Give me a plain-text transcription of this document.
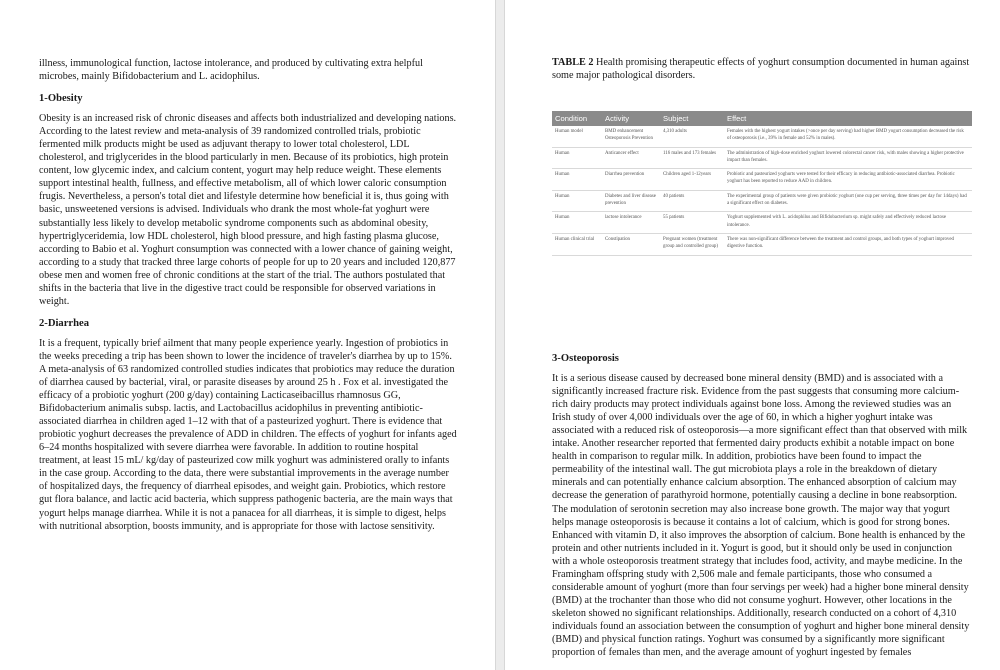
illness, immunological function, lactose intolerance, and produced by cultivating extra helpful microbes, mainly Bifidobacterium and L. acidophilus.

1-Obesity

Obesity is an increased risk of chronic diseases and affects both industrialized and developing nations. According to the latest review and meta-analysis of 39 randomized controlled trials, probiotic fermented milk products might be used as adjuvant therapy to lower total cholesterol, LDL cholesterol, and triglycerides in the blood particularly in men. Because of its probiotics, high protein content, low glycemic index, and calcium content, yogurt may help reduce weight. These elements support intestinal health, fullness, and effective metabolism, all of which lower caloric consumption frugis. Nevertheless, a person's total diet and lifestyle determine how beneficial it is, thus going with basic, unsweetened versions is advised. Individuals who drank the most whole-fat yoghurt were substantially less likely to develop metabolic syndrome components such as abdominal obesity, hypertriglyceridemia, low HDL cholesterol, high blood pressure, and high fasting plasma glucose, according to Babio et al. Yoghurt consumption was connected with a lower chance of gaining weight, according to a study that tracked three large cohorts of people for up to 20 years and included 120,877 obese men and women free of chronic conditions at the start of the trial. The authors postulated that shifts in the bacteria that live in the digestive tract could be responsible for observed variations in weight.

2-Diarrhea

It is a frequent, typically brief ailment that many people experience yearly. Ingestion of probiotics in the weeks preceding a trip has been shown to lower the incidence of traveler's diarrhea by up to 15%. A meta-analysis of 63 randomized controlled studies indicates that probiotics may reduce the duration of diarrhea caused by bacterial, viral, or parasite diseases by around 25 h . Fox et al. investigated the efficacy of a probiotic yoghurt (200 g/day) containing Lacticaseibacillus rhamnosus GG, Bifidobacterium animalis subsp. lactis, and Lactobacillus acidophilus in preventing antibiotic-associated diarrhea in children aged 1–12 with that of a pasteurized yoghurt. There is evidence that probiotic yoghurt decreases the prevalence of ADD in children. The effects of yoghurt for infants aged 6–24 months hospitalized with severe diarrhea were favorable. In addition to routine hospital treatment, at least 15 mL/ kg/day of pasteurized cow milk yoghurt was administered orally to infants in the case group. According to the data, there were substantial improvements in the average number of hospitalized days, the frequency of diarrheal episodes, and weight gain. Probiotics, which restore gut flora balance, and lactic acid bacteria, which suppress pathogenic bacteria, are the main ways that yogurt helps manage diarrhea. While it is not a panacea for all diarrheas, it is simple to digest, helps with nutritional absorption, boosts immunity, and is appropriate for those with lactose sensitivity.

TABLE 2 Health promising therapeutic effects of yoghurt consumption documented in human against some major pathological disorders.
Condition	Activity	Subject	Effect
Human model	BMD enhancement Osteoporosis Prevention	4,310 adults	Females with the highest yogurt intakes (>once per day serving) had higher BMD yogurt consumption decreased the risk of osteoporosis (i.e., 39% in female and 52% in males).
Human	Anticancer effect	116 males and 173 females	The administration of high-dose enriched yoghurt lowered colorectal cancer risk, with males showing a higher protective impact than females.
Human	Diarrhea prevention	Children aged 1-12years	Probiotic and pasteurized yoghurts were tested for their efficacy in reducing antibiotic-associated diarrhea. Probiotic yoghurt has been reported to reduce AAD in children.
Human	Diabetes and liver disease prevention	40 patients	The experimental group of patients were given probiotic yoghurt (one cup per serving, three times per day for 14days) had a significant effect on diabetes.
Human	lactose intolerance	55 patients	Yoghurt supplemented with L. acidophilus and Bifidobacterium sp. might safely and effectively reduced lactose intolerance.
Human clinical trial	Constipation	Pregnant women (treatment group and controlled group)	There was non-significant difference between the treatment and control groups, and both types of yoghurt improved digestive function.
3-Osteoporosis

It is a serious disease caused by decreased bone mineral density (BMD) and is associated with a significantly increased fracture risk. Evidence from the past suggests that consuming more calcium-rich dairy products may protect individuals against bone loss. Among the reviewed studies was an Irish study of over 4,000 individuals over the age of 60, in which a higher yoghurt intake was associated with a reduced risk of osteoporosis—a more significant effect than that observed with milk intake. Another researcher reported that fermented dairy products exhibit a notable impact on bone health in comparison to regular milk. In addition, probiotics have been found to impact the permeability of the intestinal wall. The gut microbiota plays a role in the breakdown of dietary minerals and can potentially enhance calcium absorption. The enhanced absorption of calcium may decrease the generation of parathyroid hormone, potentially causing a decline in bone reabsorption. The modulation of serotonin secretion may also increase bone growth. The major way that yogurt helps manage osteoporosis is because it contains a lot of calcium, which is good for strong bones. Enhanced with vitamin D, it also improves the absorption of calcium. Bone health is enhanced by the protein and other nutrients included in it. Yogurt is good, but it should only be used in conjunction with a whole osteoporosis treatment strategy that includes food, activity, and maybe medicine. In the Framingham offspring study with 2,506 male and female participants, those who consumed a considerable amount of yoghurt (more than four servings per week) had a higher bone mineral density (BMD) at the trochanter than those who did not consume yoghurt. However, other locations in the skeleton showed no significant relationships. Additionally, research conducted on a cohort of 4,310 individuals found an association between the consumption of yoghurt and higher bone mineral density (BMD) and physical function ratings. Yoghurt was consumed by a significantly more significant proportion of females than men, and the average amount of yoghurt ingested by females
